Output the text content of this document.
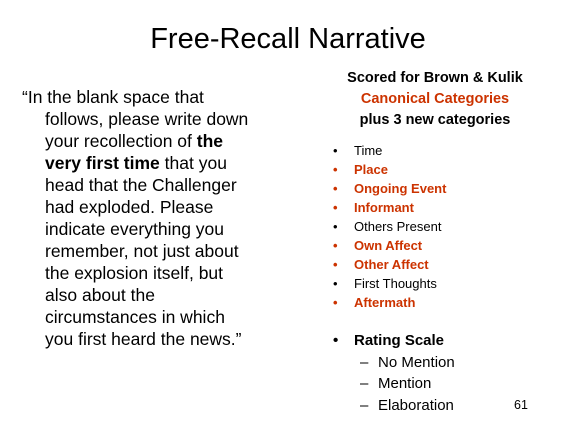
Free-Recall Narrative

“In the blank space that
follows, please write down
your recollection of the
very first time that you
head that the Challenger
had exploded. Please
indicate everything you
remember, not just about
the explosion itself, but
also about the
circumstances in which
you first heard the news.”

Scored for Brown & Kulik
Canonical Categories
plus 3 new categories
• Time
• Place
• Ongoing Event
• Informant
• Others Present
• Own Affect
• Other Affect
• First Thoughts
• Aftermath
• Rating Scale
– No Mention
– Mention
– Elaboration	61
